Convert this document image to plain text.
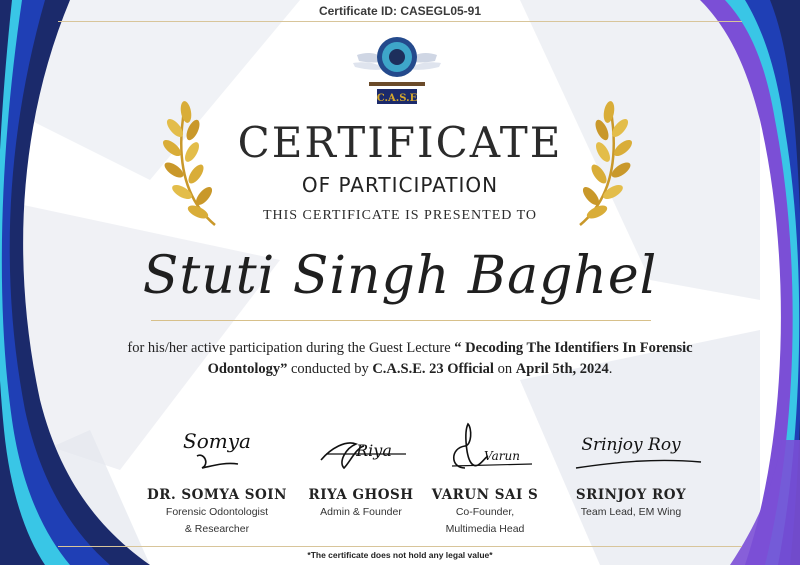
Certificate ID: CASEGL05-91
C.A.S.E
CERTIFICATE
OF PARTICIPATION
THIS CERTIFICATE IS PRESENTED TO
Stuti Singh Baghel
for his/her active participation during the Guest Lecture “ Decoding The Identifiers In Forensic Odontology” conducted by C.A.S.E. 23 Official on April 5th, 2024.
Somya
DR. SOMYA SOIN
Forensic Odontologist
& Researcher
Riya
RIYA GHOSH
Admin & Founder
Varun
VARUN SAI S
Co-Founder,
Multimedia Head
Srinjoy Roy
SRINJOY ROY
Team Lead, EM Wing
*The certificate does not hold any legal value*
